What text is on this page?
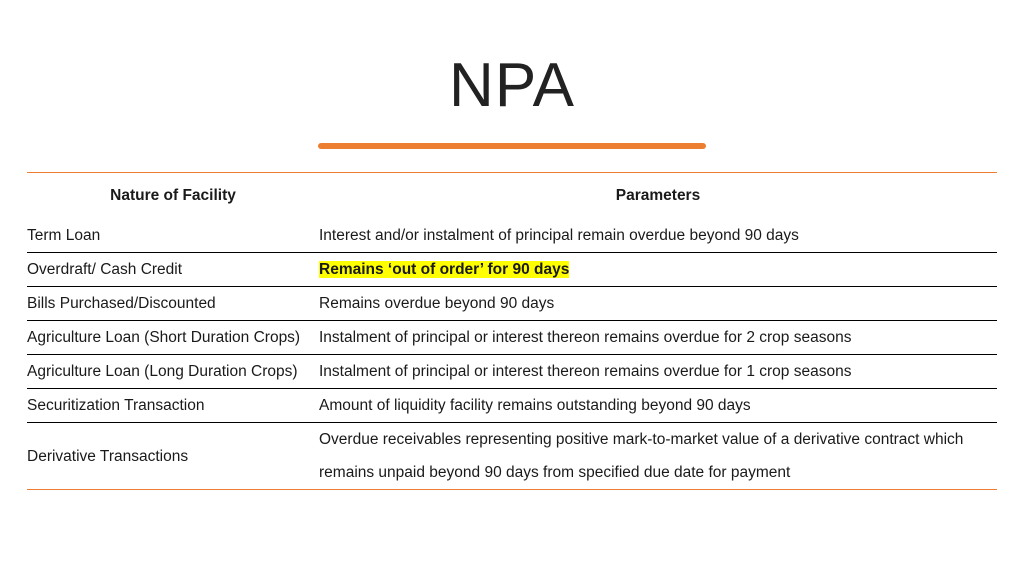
NPA
Nature of Facility	Parameters
Term Loan	Interest and/or instalment of principal remain overdue beyond 90 days
Overdraft/ Cash Credit	Remains ‘out of order’ for 90 days
Bills Purchased/Discounted	Remains overdue beyond 90 days
Agriculture Loan (Short Duration Crops)	Instalment of principal or interest thereon remains overdue for 2 crop seasons
Agriculture Loan (Long Duration Crops)	Instalment of principal or interest thereon remains overdue for 1 crop seasons
Securitization Transaction	Amount of liquidity facility remains outstanding beyond 90 days
Derivative Transactions	Overdue receivables representing positive mark-to-market value of a derivative contract which remains unpaid beyond 90 days from specified due date for payment
